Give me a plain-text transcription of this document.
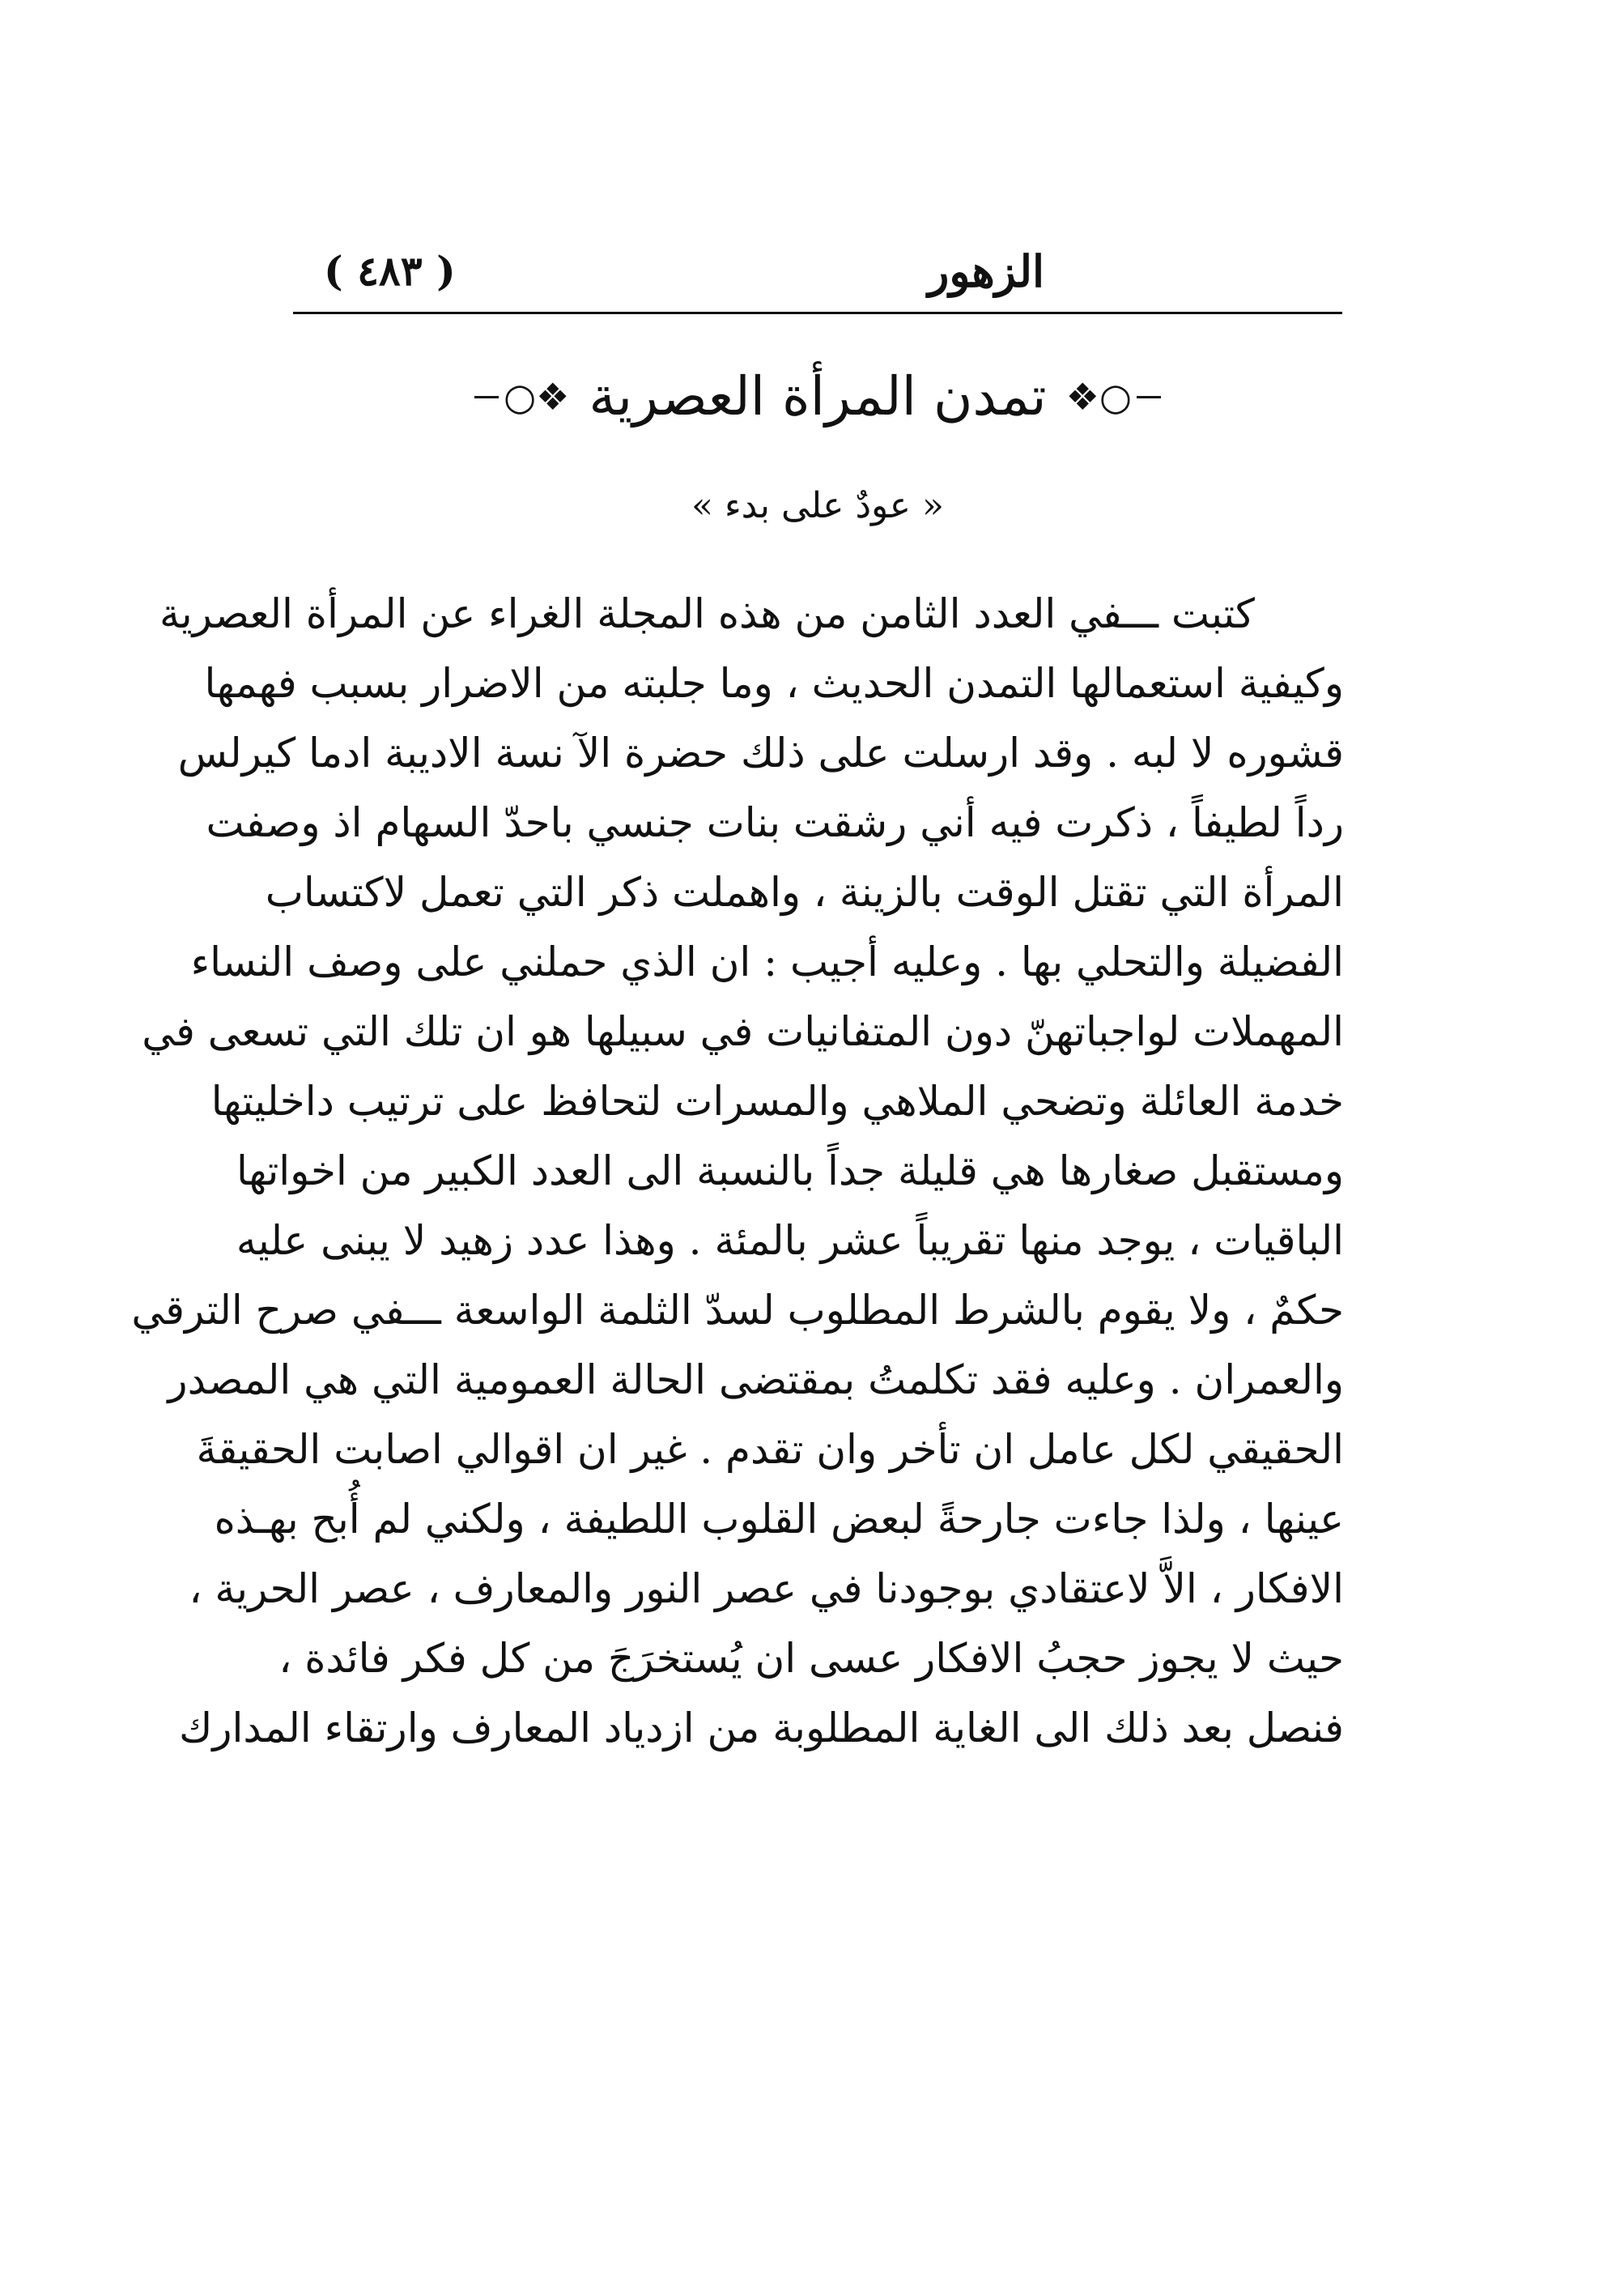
الزهور
( ٤٨٣ )
○❖ تمدن المرأة العصرية ❖○
« عودٌ على بدء »
كتبت ـــفي العدد الثامن من هذه المجلة الغراء عن المرأة العصرية
وكيفية استعمالها التمدن الحديث ، وما جلبته من الاضرار بسبب فهمها
قشوره لا لبه . وقد ارسلت على ذلك حضرة الآ نسة الاديبة ادما كيرلس
رداً لطيفاً ، ذكرت فيه أني رشقت بنات جنسي باحدّ السهام اذ وصفت
المرأة التي تقتل الوقت بالزينة ، واهملت ذكر التي تعمل لاكتساب
الفضيلة والتحلي بها . وعليه أجيب : ان الذي حملني على وصف النساء
المهملات لواجباتهنّ دون المتفانيات في سبيلها هو ان تلك التي تسعى في
خدمة العائلة وتضحي الملاهي والمسرات لتحافظ على ترتيب داخليتها
ومستقبل صغارها هي قليلة جداً بالنسبة الى العدد الكبير من اخواتها
الباقيات ، يوجد منها تقريباً عشر بالمئة . وهذا عدد زهيد لا يبنى عليه
حكمٌ ، ولا يقوم بالشرط المطلوب لسدّ الثلمة الواسعة ـــفي صرح الترقي
والعمران . وعليه فقد تكلمتُ بمقتضى الحالة العمومية التي هي المصدر
الحقيقي لكل عامل ان تأخر وان تقدم . غير ان اقوالي اصابت الحقيقةَ
عينها ، ولذا جاءت جارحةً لبعض القلوب اللطيفة ، ولكني لم أُبح بهـذه
الافكار ، الاَّ لاعتقادي بوجودنا في عصر النور والمعارف ، عصر الحرية ،
حيث لا يجوز حجبُ الافكار عسى ان يُستخرَجَ من كل فكر فائدة ،
فنصل بعد ذلك الى الغاية المطلوبة من ازدياد المعارف وارتقاء المدارك
